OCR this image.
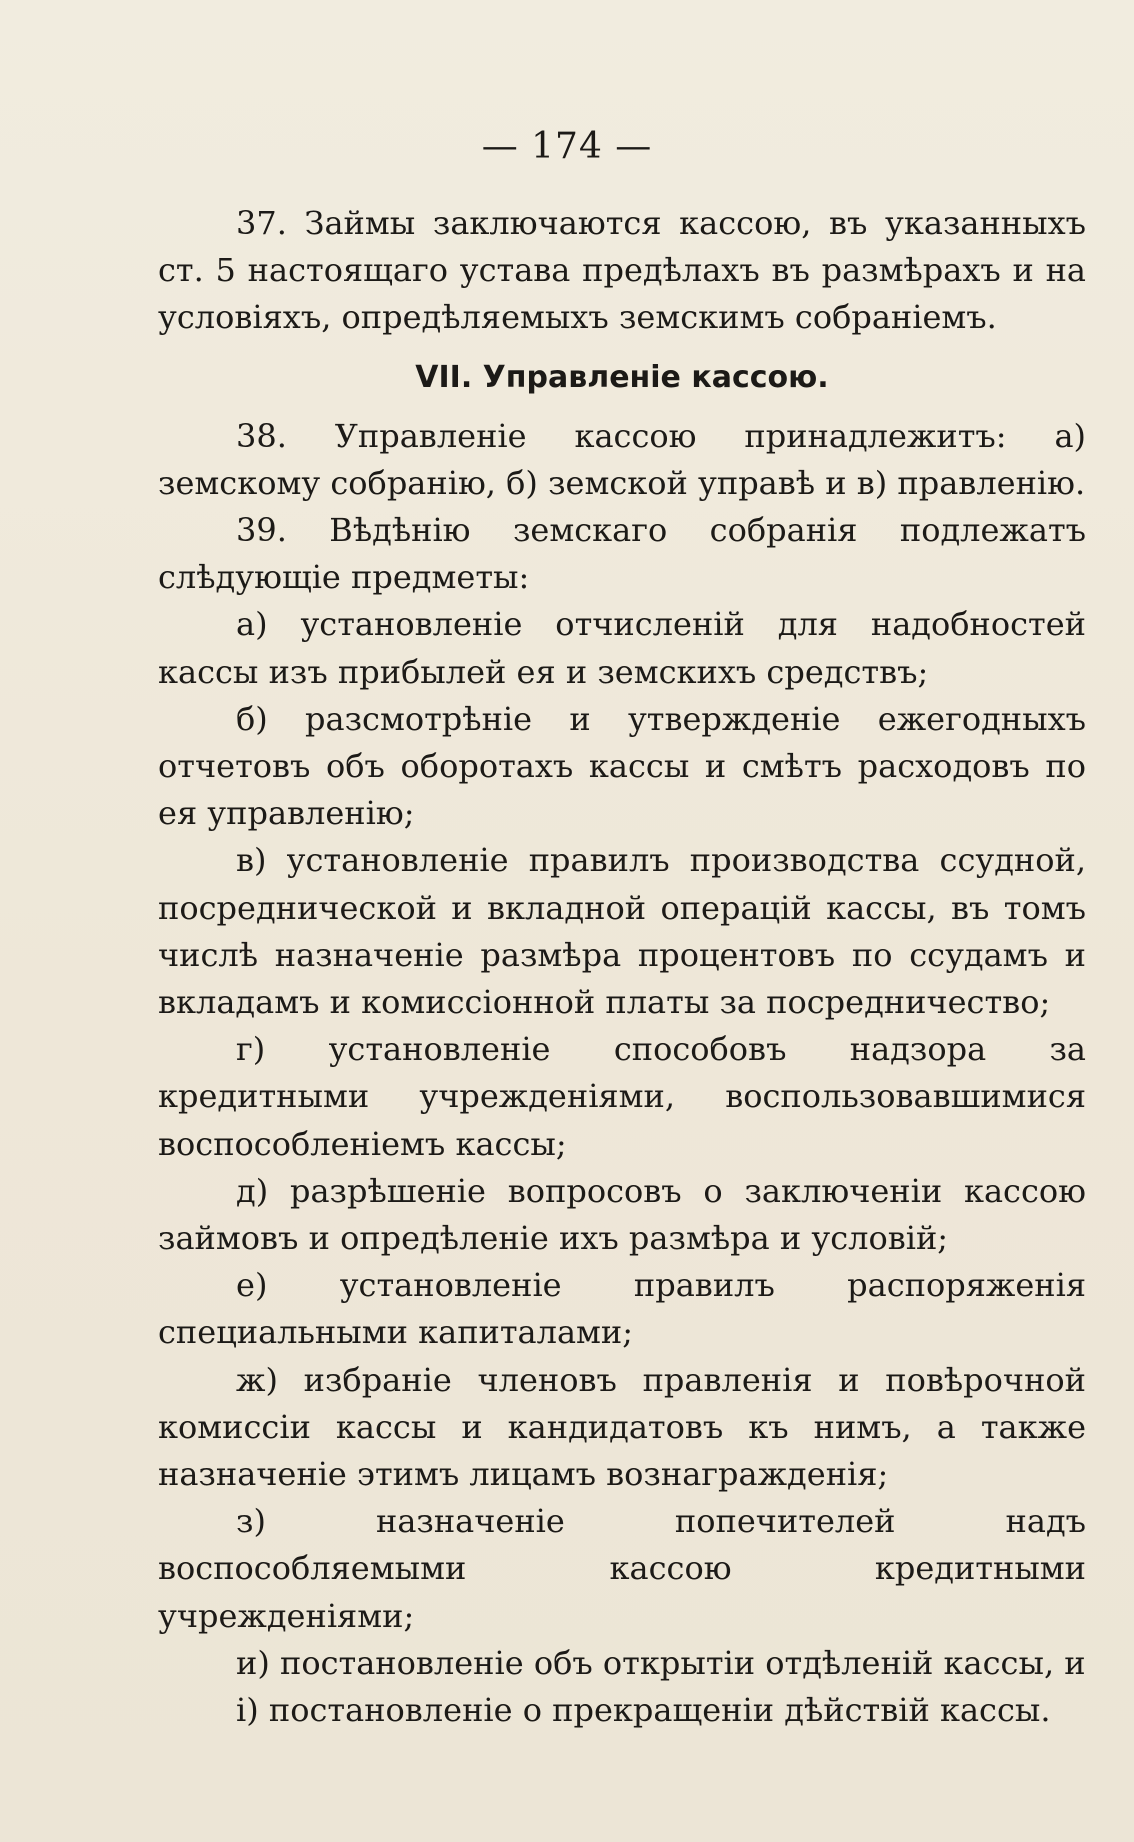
— 174 —

37. Займы заключаются кассою, въ указанныхъ ст. 5 настоящаго устава предѣлахъ въ размѣрахъ и на условіяхъ, опредѣляемыхъ земскимъ собраніемъ.

VII. Управленіе кассою.

38. Управленіе кассою принадлежитъ: а) земскому собранію, б) земской управѣ и в) правленію.

39. Вѣдѣнію земскаго собранія подлежатъ слѣдующіе предметы:

а) установленіе отчисленій для надобностей кассы изъ прибылей ея и земскихъ средствъ;

б) разсмотрѣніе и утвержденіе ежегодныхъ отчетовъ объ оборотахъ кассы и смѣтъ расходовъ по ея управленію;

в) установленіе правилъ производства ссудной, посреднической и вкладной операцій кассы, въ томъ числѣ назначеніе размѣра процентовъ по ссудамъ и вкладамъ и комиссіонной платы за посредничество;

г) установленіе способовъ надзора за кредитными учрежденіями, воспользовавшимися воспособленіемъ кассы;

д) разрѣшеніе вопросовъ о заключеніи кассою займовъ и опредѣленіе ихъ размѣра и условій;

е) установленіе правилъ распоряженія специальными капиталами;

ж) избраніе членовъ правленія и повѣрочной комиссіи кассы и кандидатовъ къ нимъ, а также назначеніе этимъ лицамъ вознагражденія;

з) назначеніе попечителей надъ воспособляемыми кассою кредитными учрежденіями;

и) постановленіе объ открытіи отдѣленій кассы, и

і) постановленіе о прекращеніи дѣйствій кассы.
